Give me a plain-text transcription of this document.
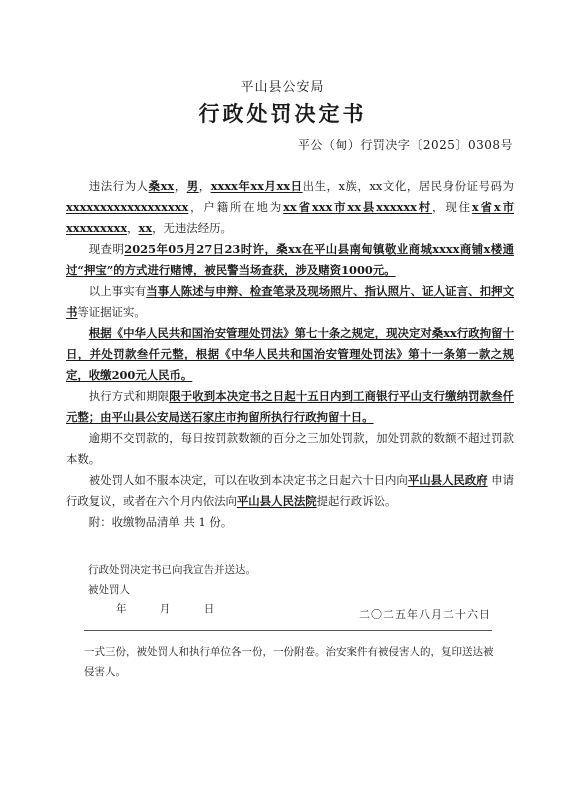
平山县公安局
行政处罚决定书
平公（甸）行罚决字〔2025〕0308号

违法行为人桑xx，男，xxxx年xx月xx日出生，x族，xx文化，居民身份证号码为xxxxxxxxxxxxxxxxxx，户籍所在地为xx省xxx市xx县xxxxxx村，现住x省x市xxxxxxxxx，xx，无违法经历。

现查明2025年05月27日23时许，桑xx在平山县南甸镇敬业商城xxxx商铺x楼通过“押宝”的方式进行赌博，被民警当场查获，涉及赌资1000元。

以上事实有当事人陈述与申辩、检查笔录及现场照片、指认照片、证人证言、扣押文书等证据证实。

根据《中华人民共和国治安管理处罚法》第七十条之规定，现决定对桑xx行政拘留十日，并处罚款叁仟元整，根据《中华人民共和国治安管理处罚法》第十一条第一款之规定，收缴200元人民币。

执行方式和期限限于收到本决定书之日起十五日内到工商银行平山支行缴纳罚款叁仟元整；由平山县公安局送石家庄市拘留所执行行政拘留十日。

逾期不交罚款的，每日按罚款数额的百分之三加处罚款，加处罚款的数额不超过罚款本数。

被处罚人如不服本决定，可以在收到本决定书之日起六十日内向平山县人民政府 申请行政复议，或者在六个月内依法向平山县人民法院提起行政诉讼。

附：收缴物品清单 共 1 份。

行政处罚决定书已向我宣告并送达。
被处罚人
年	月	日	二〇二五年八月二十六日
一式三份，被处罚人和执行单位各一份，一份附卷。治安案件有被侵害人的，复印送达被侵害人。
